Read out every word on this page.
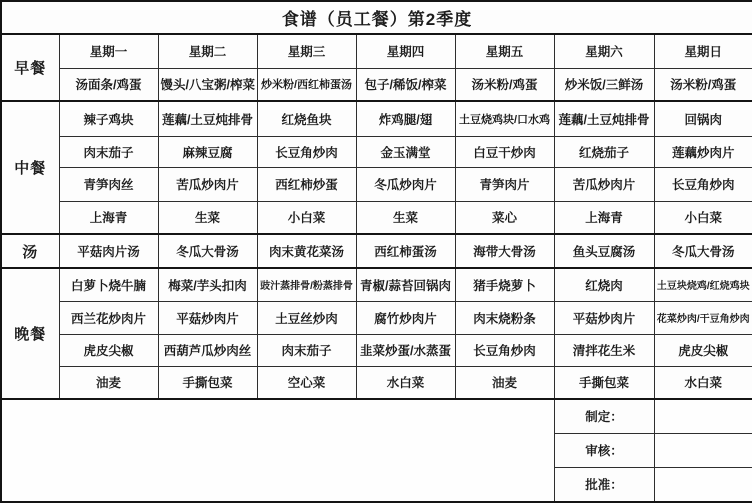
食谱（员工餐）第2季度							
早餐	星期一	星期二	星期三	星期四	星期五	星期六	星期日
	汤面条/鸡蛋	馒头/八宝粥/榨菜	炒米粉/西红柿蛋汤	包子/稀饭/榨菜	汤米粉/鸡蛋	炒米饭/三鲜汤	汤米粉/鸡蛋
中餐	辣子鸡块	莲藕/土豆炖排骨	红烧鱼块	炸鸡腿/翅	土豆烧鸡块/口水鸡	莲藕/土豆炖排骨	回锅肉
	肉末茄子	麻辣豆腐	长豆角炒肉	金玉满堂	白豆干炒肉	红烧茄子	莲藕炒肉片
	青笋肉丝	苦瓜炒肉片	西红柿炒蛋	冬瓜炒肉片	青笋肉片	苦瓜炒肉片	长豆角炒肉
	上海青	生菜	小白菜	生菜	菜心	上海青	小白菜
汤	平菇肉片汤	冬瓜大骨汤	肉末黄花菜汤	西红柿蛋汤	海带大骨汤	鱼头豆腐汤	冬瓜大骨汤
晚餐	白萝卜烧牛腩	梅菜/芋头扣肉	豉汁蒸排骨/粉蒸排骨	青椒/蒜苔回锅肉	猪手烧萝卜	红烧肉	土豆块烧鸡/红烧鸡块
	西兰花炒肉片	平菇炒肉片	土豆丝炒肉	腐竹炒肉片	肉末烧粉条	平菇炒肉片	花菜炒肉/干豆角炒肉
	虎皮尖椒	西葫芦瓜炒肉丝	肉末茄子	韭菜炒蛋/水蒸蛋	长豆角炒肉	清拌花生米	虎皮尖椒
	油麦	手撕包菜	空心菜	水白菜	油麦	手撕包菜	水白菜
						制定：	
						审核：	
						批准：	
